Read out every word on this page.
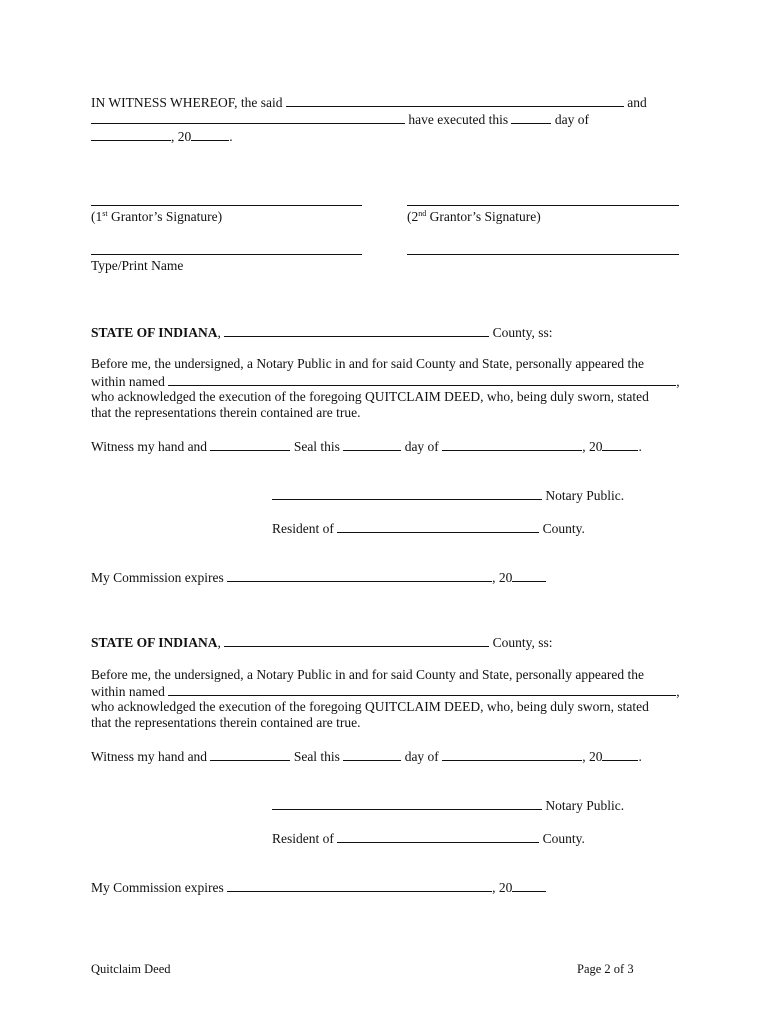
IN WITNESS WHEREOF, the said	and
have executed this	day of
, 20	.
(1st Grantor’s Signature)	(2nd Grantor’s Signature)
Type/Print Name
STATE OF INDIANA,	County, ss:
Before me, the undersigned, a Notary Public in and for said County and State, personally appeared the
within named	,
who acknowledged the execution of the foregoing QUITCLAIM DEED, who, being duly sworn, stated
that the representations therein contained are true.
Witness my hand and	Seal this	day of	, 20	.
Notary Public.
Resident of	County.
My Commission expires	, 20
STATE OF INDIANA,	County, ss:
Before me, the undersigned, a Notary Public in and for said County and State, personally appeared the
within named	,
who acknowledged the execution of the foregoing QUITCLAIM DEED, who, being duly sworn, stated
that the representations therein contained are true.
Witness my hand and	Seal this	day of	, 20	.
Notary Public.
Resident of	County.
My Commission expires	, 20
Quitclaim Deed	Page 2 of 3
